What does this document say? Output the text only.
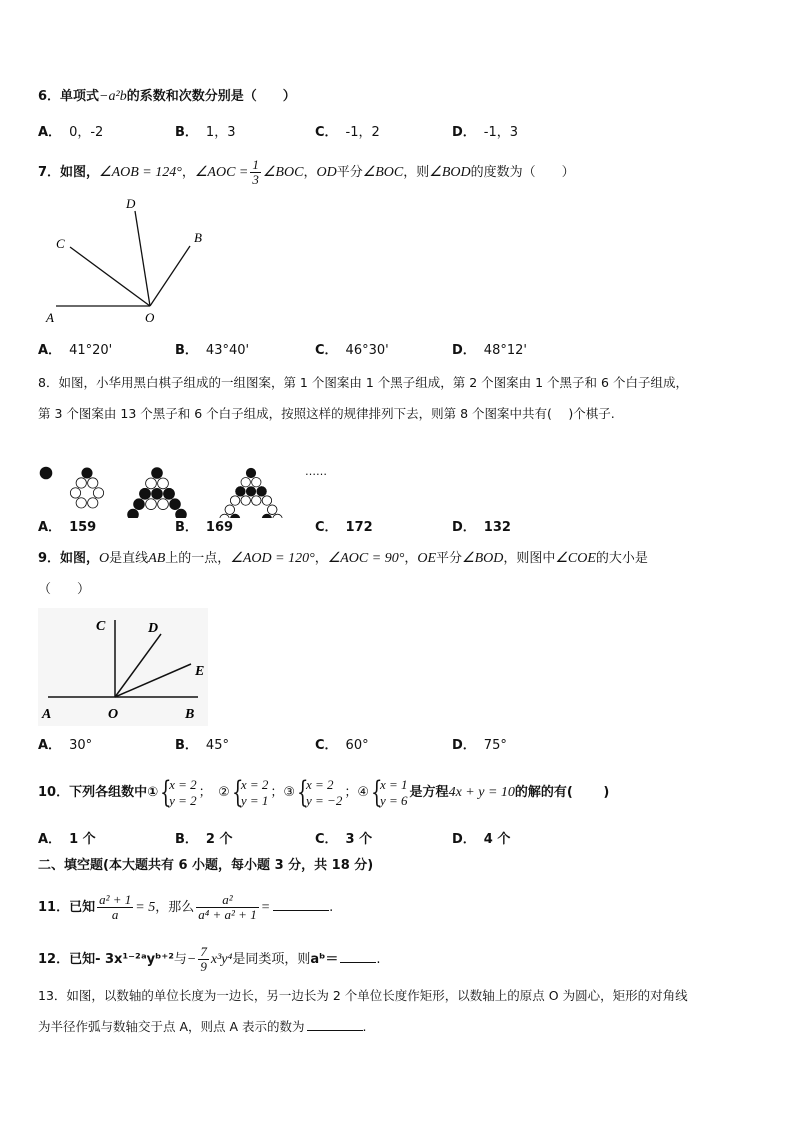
6．单项式−a²b的系数和次数分别是（　　）
A． 0，-2	B． 1，3	C． -1，2	D． -1，3
7．如图，∠AOB = 124°，∠AOC = $\frac{1}{3}$ ∠BOC，OD平分∠BOC，则∠BOD的度数为（　　）
D
C	B
A	O
A． 41°20'	B． 43°40'	C． 46°30'	D． 48°12'
8．如图，小华用黑白棋子组成的一组图案，第 1 个图案由 1 个黑子组成，第 2 个图案由 1 个黑子和 6 个白子组成，
第 3 个图案由 13 个黑子和 6 个白子组成，按照这样的规律排列下去，则第 8 个图案中共有(　 )个棋子.
……
A． 159	B． 169	C． 172	D． 132
9．如图，O是直线AB上的一点，∠AOD = 120°，∠AOC = 90°，OE平分∠BOD，则图中∠COE的大小是
（　　）
C	D
E
A	O	B
A． 30°	B． 45°	C． 60°	D． 75°
10．下列各组数中① {
x = 2
y = 2 ；　② {
x = 2
y = 1 ；③ {
x = 2
y = −2 ；④ {
x = 1
y = 6 是方程4x + y = 10的解的有(　　 )
A． 1 个	B． 2 个	C． 3 个	D． 4 个
二、填空题(本大题共有 6 小题，每小题 3 分，共 18 分)
11．已知 $\frac{\text{a² + 1}}{a} = 5$，那么 $\frac{\text{a²}}{\text{a⁴ + a² + 1}}$ =	.
12．已知- 3x¹⁻²ᵃyᵇ⁺²与− $\frac{7}{9} x^3y^4$是同类项，则aᵇ＝	.
13．如图，以数轴的单位长度为一边长，另一边长为 2 个单位长度作矩形，以数轴上的原点 O 为圆心，矩形的对角线
为半径作弧与数轴交于点 A，则点 A 表示的数为	.
